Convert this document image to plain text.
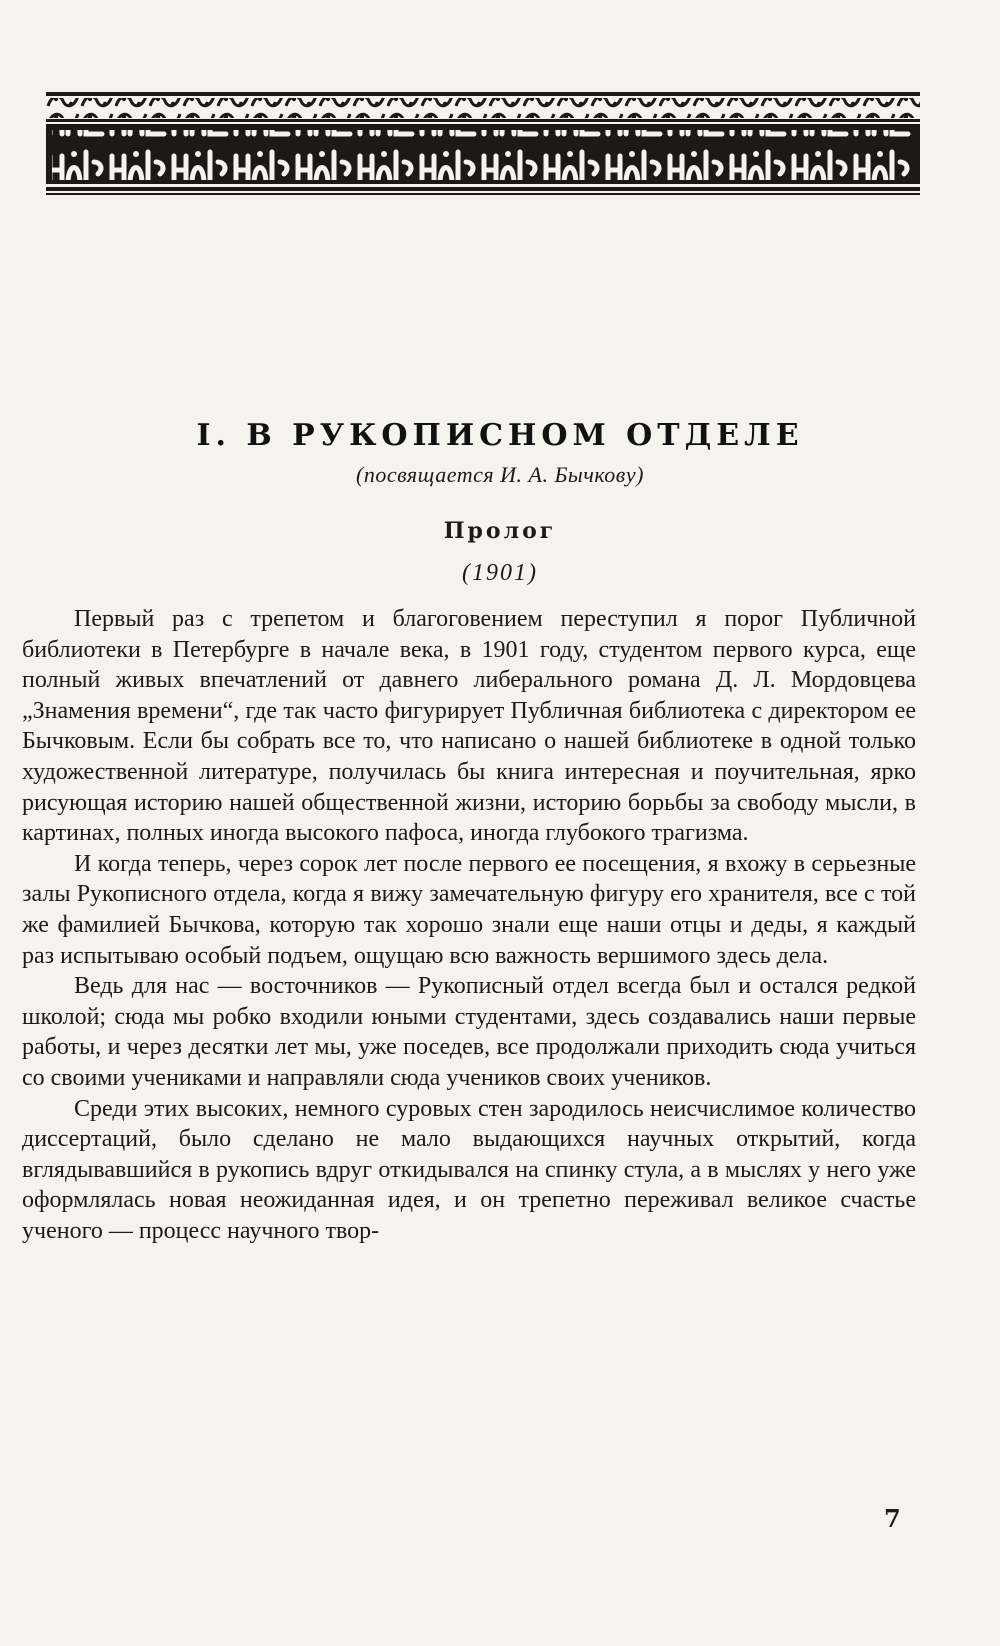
I. В РУКОПИСНОМ ОТДЕЛЕ
(посвящается И. А. Бычкову)
Пролог
(1901)

Первый раз с трепетом и благоговением переступил я порог Публичной библиотеки в Петербурге в начале века, в 1901 году, студентом первого курса, еще полный живых впечатлений от давнего либерального романа Д. Л. Мордовцева „Знамения времени“, где так часто фигурирует Публичная библиотека с директором ее Бычковым. Если бы собрать все то, что написано о нашей библиотеке в одной только художественной литературе, получилась бы книга интересная и поучительная, ярко рисующая историю нашей общественной жизни, историю борьбы за свободу мысли, в картинах, полных иногда высокого пафоса, иногда глубокого трагизма.

И когда теперь, через сорок лет после первого ее посещения, я вхожу в серьезные залы Рукописного отдела, когда я вижу замечательную фигуру его хранителя, все с той же фамилией Бычкова, которую так хорошо знали еще наши отцы и деды, я каждый раз испытываю особый подъем, ощущаю всю важность вершимого здесь дела.

Ведь для нас — восточников — Рукописный отдел всегда был и остался редкой школой; сюда мы робко входили юными студентами, здесь создавались наши первые работы, и через десятки лет мы, уже поседев, все продолжали приходить сюда учиться со своими учениками и направляли сюда учеников своих учеников.

Среди этих высоких, немного суровых стен зародилось неисчислимое количество диссертаций, было сделано не мало выдающихся научных открытий, когда вглядывавшийся в рукопись вдруг откидывался на спинку стула, а в мыслях у него уже оформлялась новая неожиданная идея, и он трепетно переживал великое счастье ученого — процесс научного твор-

7
